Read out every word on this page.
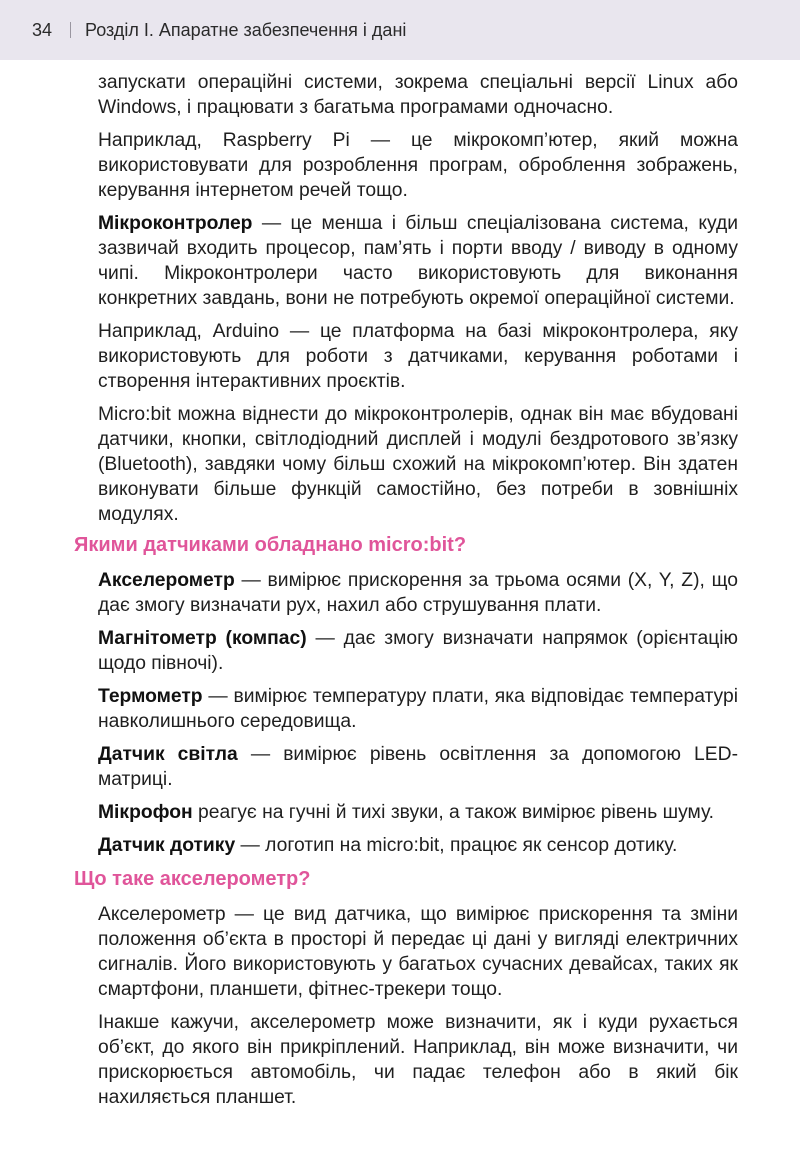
34 Розділ І. Апаратне забезпечення і дані

запускати операційні системи, зокрема спеціальні версії Linux або Windows, і працювати з багатьма програмами одночасно.

Наприклад, Raspberry Pi — це мікрокомп’ютер, який можна використовувати для розроблення програм, оброблення зображень, керування інтернетом речей тощо.

Мікроконтролер — це менша і більш спеціалізована система, куди зазвичай входить процесор, пам’ять і порти вводу / виводу в одному чипі. Мікроконтролери часто використовують для виконання конкретних завдань, вони не потребують окремої операційної системи.

Наприклад, Arduino — це платформа на базі мікроконтролера, яку використовують для роботи з датчиками, керування роботами і створення інтерактивних проєктів.

Micro:bit можна віднести до мікроконтролерів, однак він має вбудовані датчики, кнопки, світлодіодний дисплей і модулі бездротового зв’язку (Bluetooth), завдяки чому більш схожий на мікрокомп’ютер. Він здатен виконувати більше функцій самостійно, без потреби в зовнішніх модулях.

Якими датчиками обладнано micro:bit?

Акселерометр — вимірює прискорення за трьома осями (X, Y, Z), що дає змогу визначати рух, нахил або струшування плати.

Магнітометр (компас) — дає змогу визначати напрямок (орієнтацію щодо півночі).

Термометр — вимірює температуру плати, яка відповідає температурі навколишнього середовища.

Датчик світла — вимірює рівень освітлення за допомогою LED-матриці.

Мікрофон реагує на гучні й тихі звуки, а також вимірює рівень шуму.

Датчик дотику — логотип на micro:bit, працює як сенсор дотику.

Що таке акселерометр?

Акселерометр — це вид датчика, що вимірює прискорення та зміни положення об’єкта в просторі й передає ці дані у вигляді електричних сигналів. Його використовують у багатьох сучасних девайсах, таких як смартфони, планшети, фітнес-трекери тощо.

Інакше кажучи, акселерометр може визначити, як і куди рухається об’єкт, до якого він прикріплений. Наприклад, він може визначити, чи прискорюється автомобіль, чи падає телефон або в який бік нахиляється планшет.
